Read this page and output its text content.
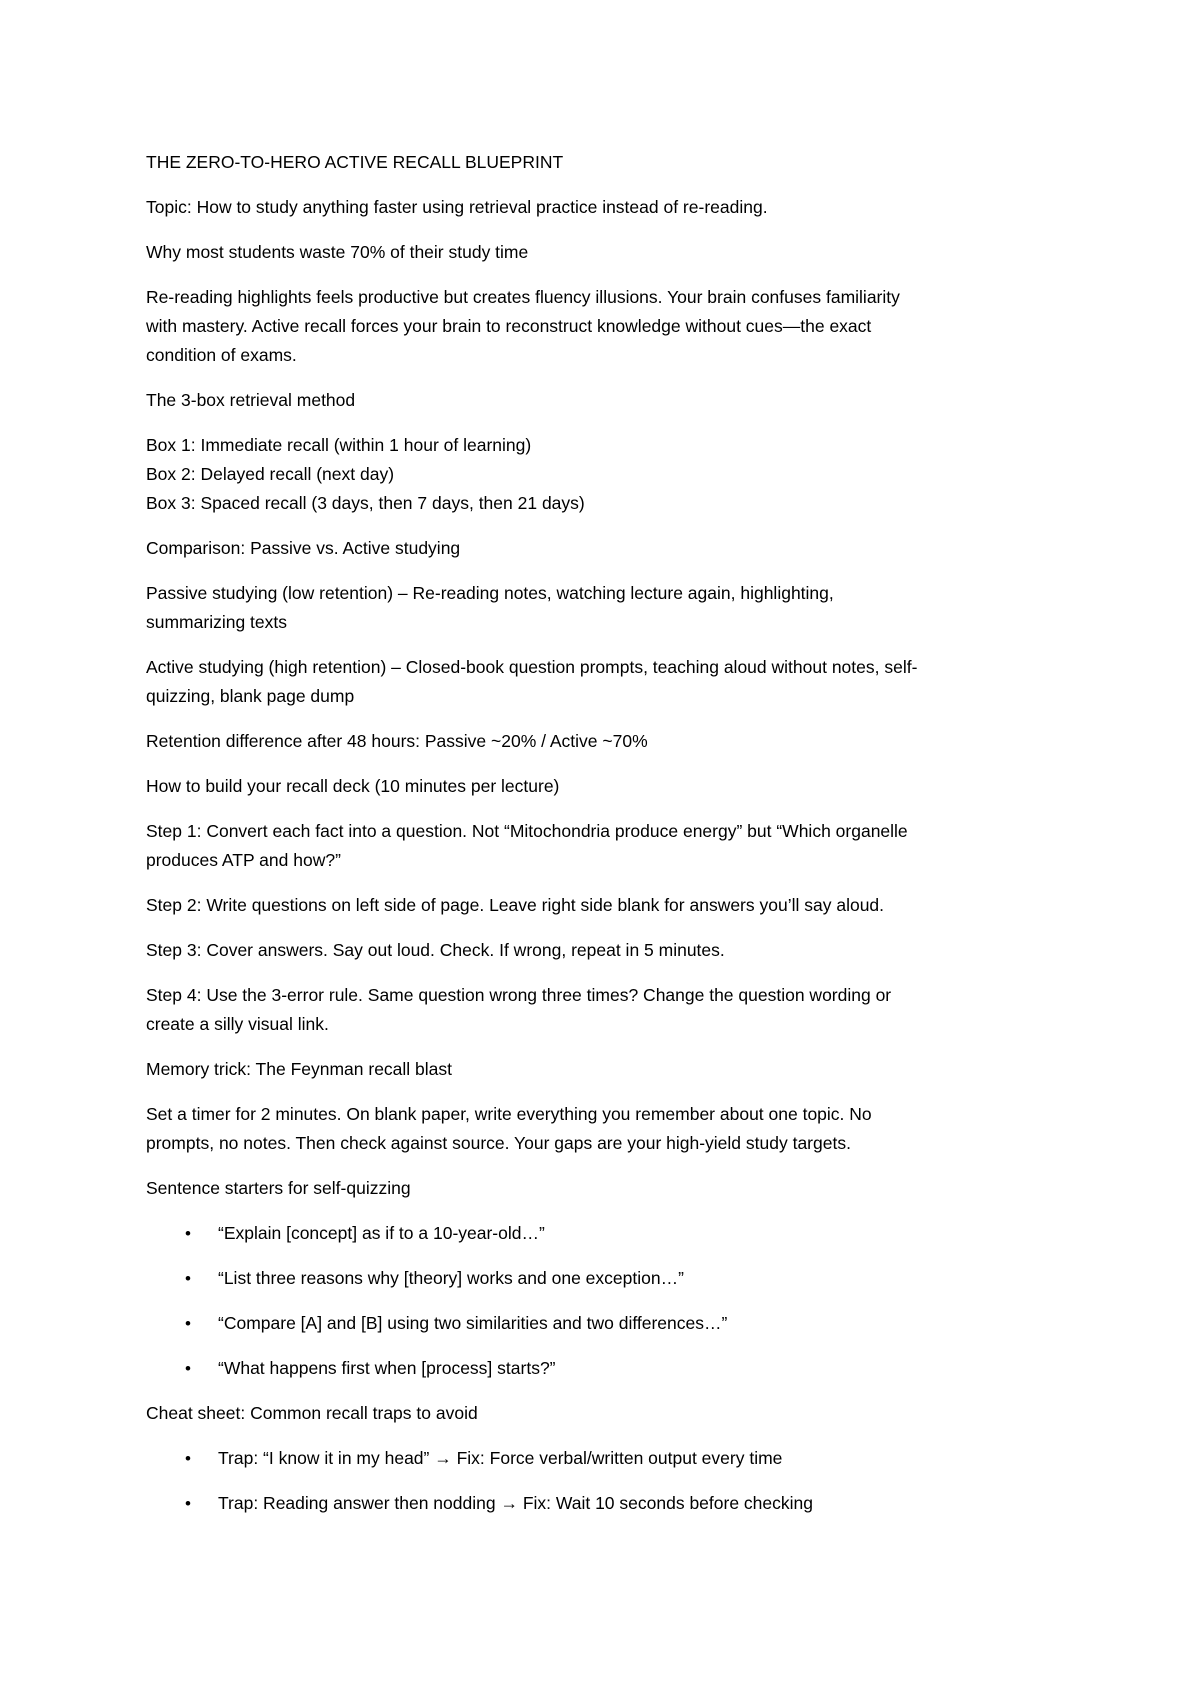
THE ZERO-TO-HERO ACTIVE RECALL BLUEPRINT

Topic: How to study anything faster using retrieval practice instead of re-reading.

Why most students waste 70% of their study time

Re-reading highlights feels productive but creates fluency illusions. Your brain confuses familiarity
with mastery. Active recall forces your brain to reconstruct knowledge without cues—the exact
condition of exams.

The 3-box retrieval method

Box 1: Immediate recall (within 1 hour of learning)
Box 2: Delayed recall (next day)
Box 3: Spaced recall (3 days, then 7 days, then 21 days)

Comparison: Passive vs. Active studying

Passive studying (low retention) – Re-reading notes, watching lecture again, highlighting,
summarizing texts

Active studying (high retention) – Closed-book question prompts, teaching aloud without notes, self-
quizzing, blank page dump

Retention difference after 48 hours: Passive ~20% / Active ~70%

How to build your recall deck (10 minutes per lecture)

Step 1: Convert each fact into a question. Not “Mitochondria produce energy” but “Which organelle
produces ATP and how?”

Step 2: Write questions on left side of page. Leave right side blank for answers you’ll say aloud.

Step 3: Cover answers. Say out loud. Check. If wrong, repeat in 5 minutes.

Step 4: Use the 3-error rule. Same question wrong three times? Change the question wording or
create a silly visual link.

Memory trick: The Feynman recall blast

Set a timer for 2 minutes. On blank paper, write everything you remember about one topic. No
prompts, no notes. Then check against source. Your gaps are your high-yield study targets.

Sentence starters for self-quizzing

• “Explain [concept] as if to a 10-year-old…”
• “List three reasons why [theory] works and one exception…”
• “Compare [A] and [B] using two similarities and two differences…”
• “What happens first when [process] starts?”

Cheat sheet: Common recall traps to avoid

• Trap: “I know it in my head” → Fix: Force verbal/written output every time
• Trap: Reading answer then nodding → Fix: Wait 10 seconds before checking
